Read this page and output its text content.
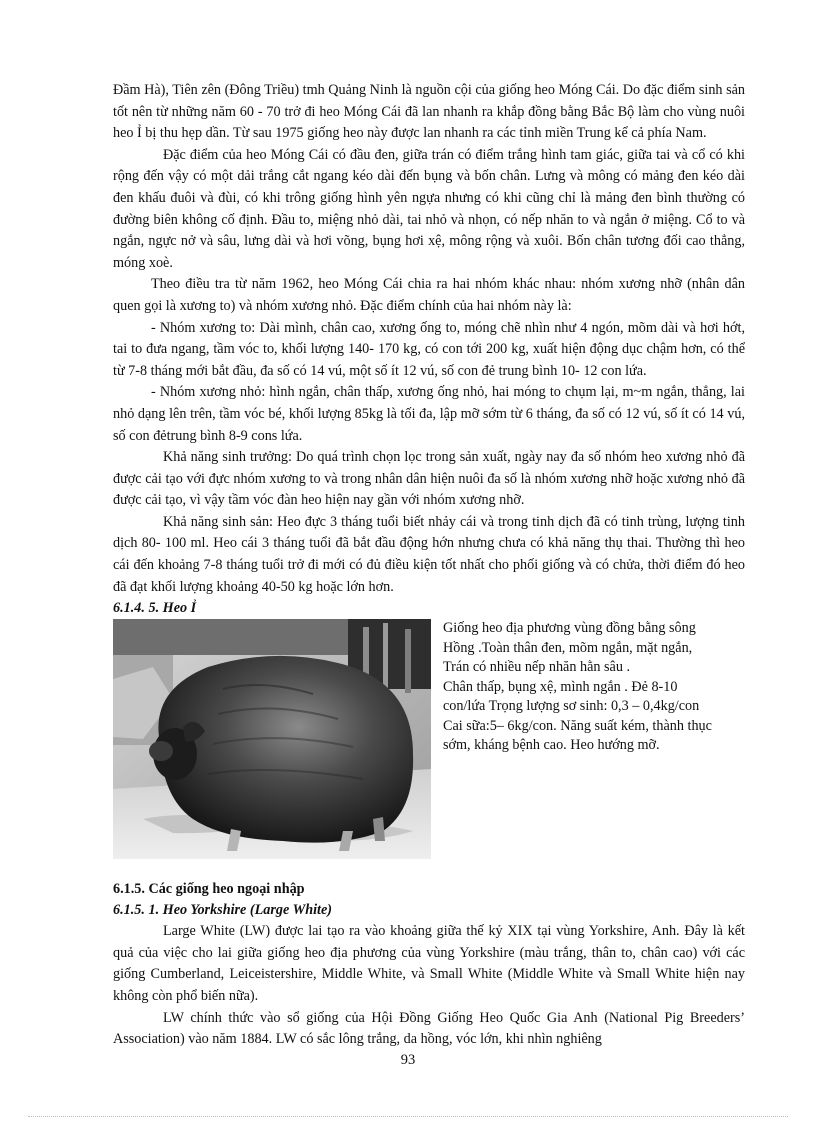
Đầm Hà), Tiên zên (Đông Triều) tmh Quảng Ninh là nguồn cội của giống heo Móng Cái. Do đặc điểm sinh sản tốt nên từ những năm 60 - 70 trở đi heo Móng Cái đã lan nhanh ra khắp đồng bằng Bắc Bộ làm cho vùng nuôi heo Ỉ bị thu hẹp dần. Từ sau 1975 giống heo này được lan nhanh ra các tỉnh miền Trung kể cả phía Nam.

Đặc điểm của heo Móng Cái có đầu đen, giữa trán có điểm trắng hình tam giác, giữa tai và cổ có khi rộng đến vậy có một dải trắng cắt ngang kéo dài đến bụng và bốn chân. Lưng và mông có mảng đen kéo dài đen khấu đuôi và đùi, có khi trông giống hình yên ngựa nhưng có khi cũng chỉ là mảng đen bình thường có đường biên không cố định. Đầu to, miệng nhỏ dài, tai nhỏ và nhọn, có nếp nhăn to và ngắn ở miệng. Cổ to và ngắn, ngực nở và sâu, lưng dài và hơi võng, bụng hơi xệ, mông rộng và xuôi. Bốn chân tương đối cao thẳng, móng xoè.

Theo điều tra từ năm 1962, heo Móng Cái chia ra hai nhóm khác nhau: nhóm xương nhỡ (nhân dân quen gọi là xương to) và nhóm xương nhỏ. Đặc điểm chính của hai nhóm này là:

- Nhóm xương to: Dài mình, chân cao, xương ống to, móng chẽ nhìn như 4 ngón, mõm dài và hơi hớt, tai to đưa ngang, tầm vóc to, khối lượng 140- 170 kg, có con tới 200 kg, xuất hiện động dục chậm hơn, có thể từ 7-8 tháng mới bắt đầu, đa số có 14 vú, một số ít 12 vú, số con đẻ trung bình 10- 12 con lứa.

- Nhóm xương nhỏ: hình ngắn, chân thấp, xương ống nhỏ, hai móng to chụm lại, m~m ngắn, thẳng, lai nhỏ dạng lên trên, tầm vóc bé, khối lượng 85kg là tối đa, lập mỡ sớm từ 6 tháng, đa số có 12 vú, số ít có 14 vú, số con đẻtrung bình 8-9 cons lứa.

Khả năng sinh trưởng: Do quá trình chọn lọc trong sản xuất, ngày nay đa số nhóm heo xương nhỏ đã được cải tạo với đực nhóm xương to và trong nhân dân hiện nuôi đa số là nhóm xương nhỡ hoặc xương nhỏ đã được cải tạo, vì vậy tầm vóc đàn heo hiện nay gần với nhóm xương nhỡ.

Khả năng sinh sản: Heo đực 3 tháng tuổi biết nhảy cái và trong tinh dịch đã có tinh trùng, lượng tinh dịch 80- 100 ml. Heo cái 3 tháng tuổi đã bắt đầu động hớn nhưng chưa có khả năng thụ thai. Thường thì heo cái đến khoảng 7-8 tháng tuổi trở đi mới có đủ điều kiện tốt nhất cho phối giống và có chửa, thời điểm đó heo đã đạt khối lượng khoảng 40-50 kg hoặc lớn hơn.

6.1.4. 5. Heo Ỉ
Giống heo địa phương vùng đồng bằng sông
Hồng .Toàn thân đen, mõm ngắn, mặt ngắn,
Trán có nhiều nếp nhăn hằn sâu .
Chân thấp, bụng xệ, mình ngắn . Đẻ 8-10
con/lứa Trọng lượng sơ sinh: 0,3 – 0,4kg/con
Cai sữa:5– 6kg/con. Năng suất kém, thành thục
sớm, kháng bệnh cao. Heo hướng mỡ.
6.1.5. Các giống heo ngoại nhập
6.1.5. 1. Heo Yorkshire (Large White)

Large White (LW) được lai tạo ra vào khoảng giữa thế kỷ XIX tại vùng Yorkshire, Anh. Đây là kết quả của việc cho lai giữa giống heo địa phương của vùng Yorkshire (màu trắng, thân to, chân cao) với các giống Cumberland, Leiceistershire, Middle White, và Small White (Middle White và Small White hiện nay không còn phổ biến nữa).

LW chính thức vào sổ giống của Hội Đồng Giống Heo Quốc Gia Anh (National Pig Breeders’ Association) vào năm 1884. LW có sắc lông trắng, da hồng, vóc lớn, khi nhìn nghiêng

93
